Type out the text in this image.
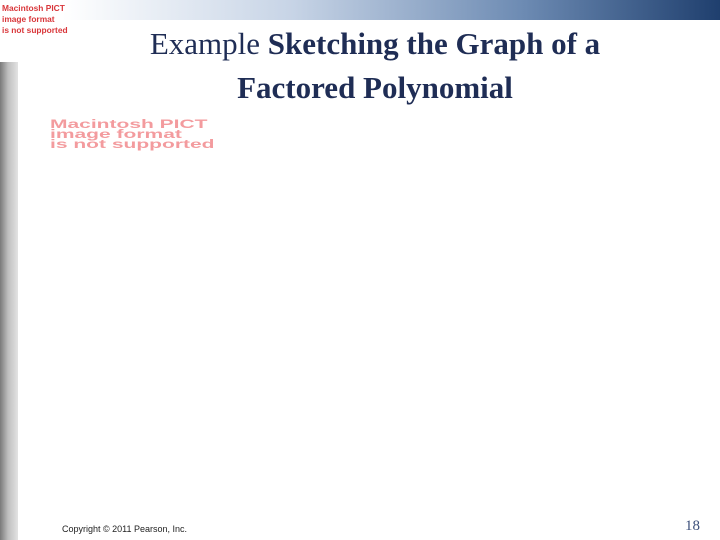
Macintosh PICT
image format
is not supported	Example Sketching the Graph of a
Factored Polynomial
Macintosh PICT
image format
is not supported
Copyright © 2011 Pearson, Inc.	18
